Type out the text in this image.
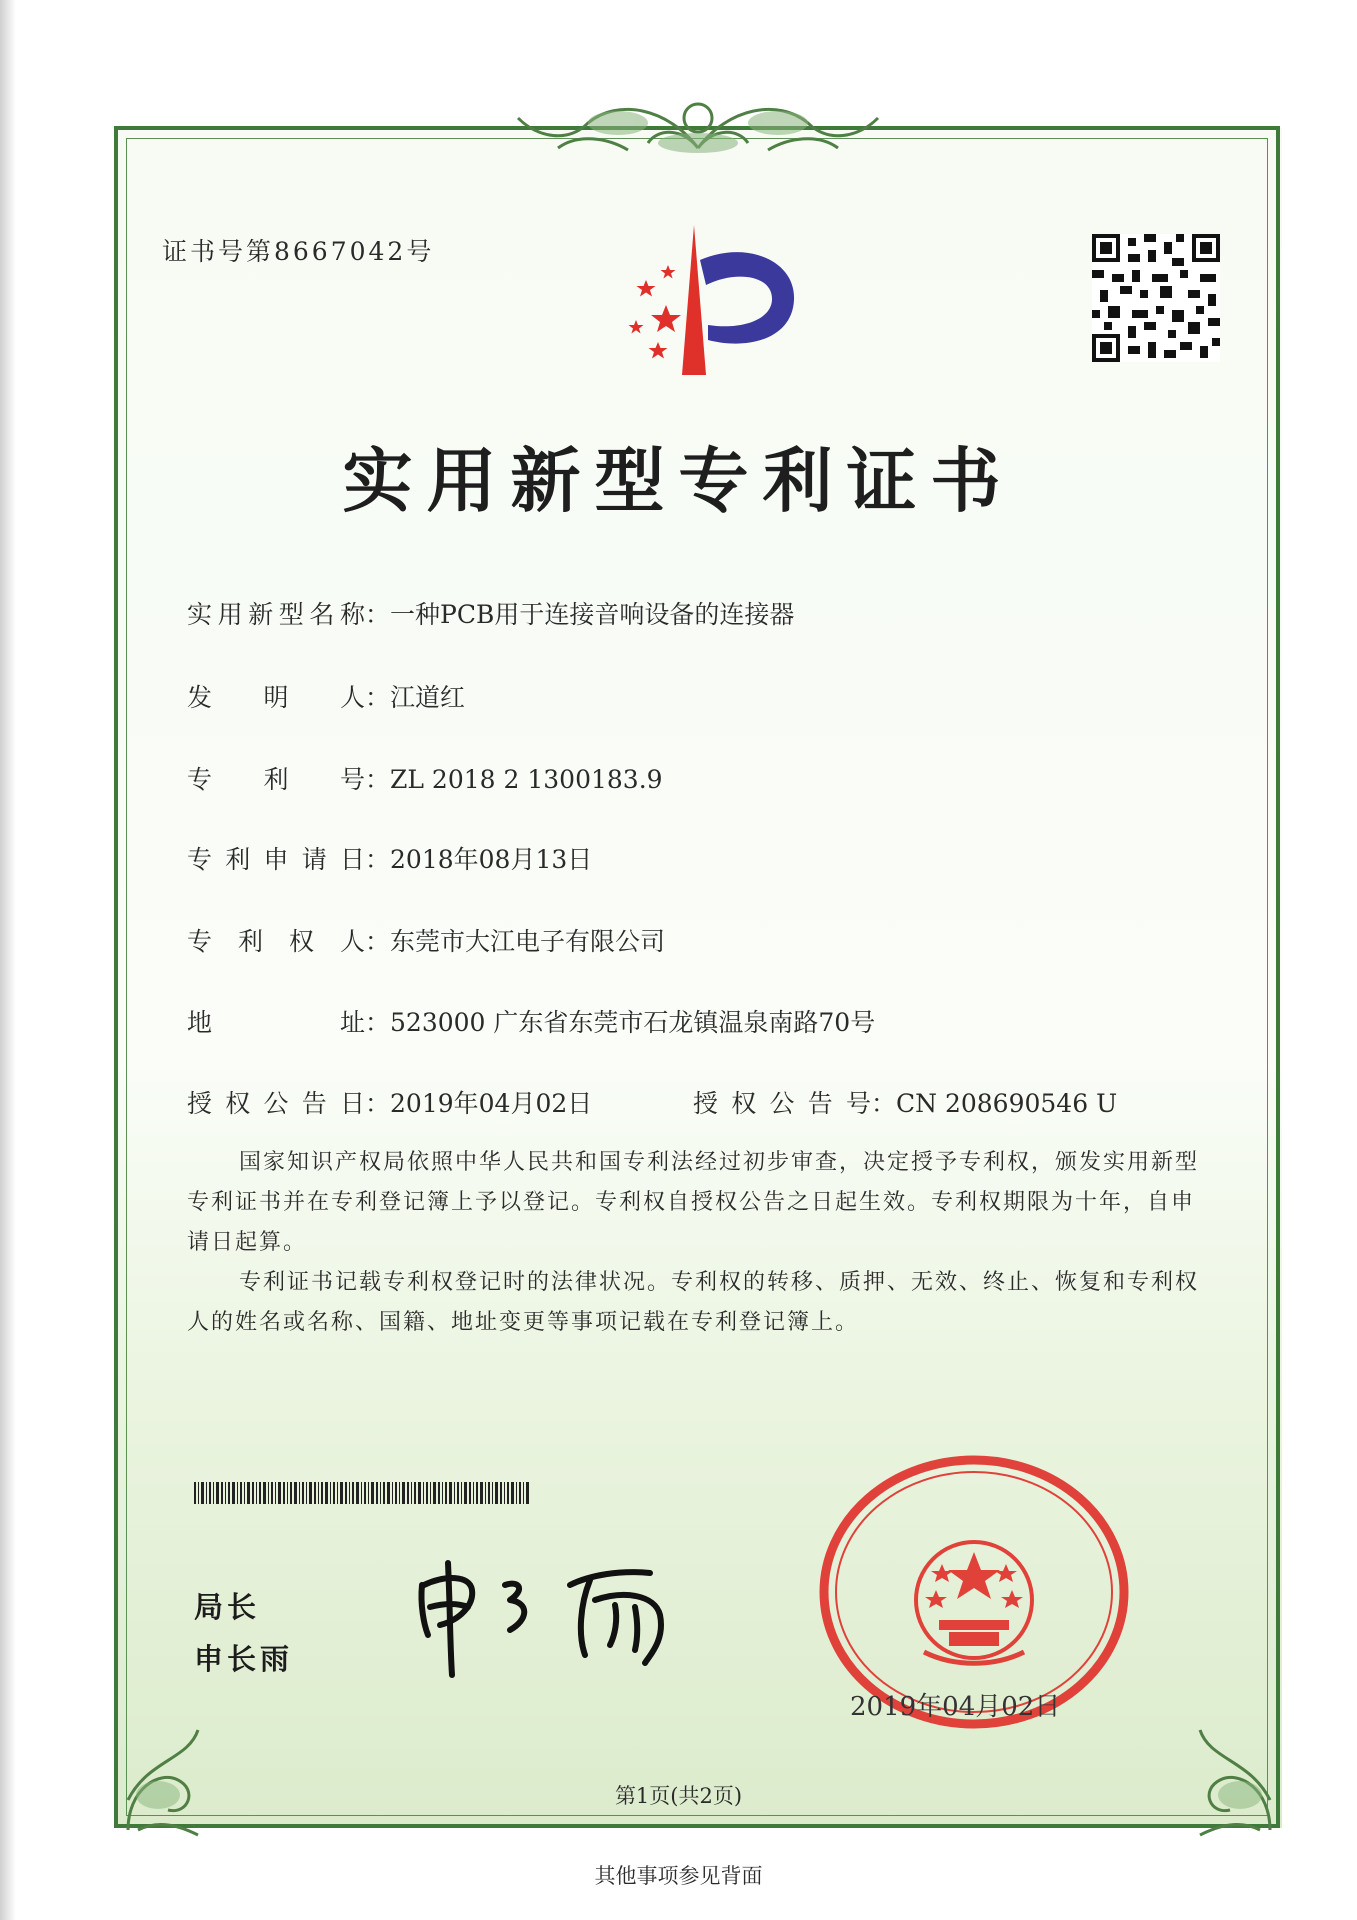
证书号第8667042号
实用新型专利证书
实用新型名称：一种PCB用于连接音响设备的连接器
发明人：江道红
专利号：ZL 2018 2 1300183.9
专利申请日：2018年08月13日
专利权人：东莞市大江电子有限公司
地址：523000 广东省东莞市石龙镇温泉南路70号
授权公告日：2019年04月02日	授权公告号：CN 208690546 U
国家知识产权局依照中华人民共和国专利法经过初步审查，决定授予专利权，颁发实用新型专利证书并在专利登记簿上予以登记。专利权自授权公告之日起生效。专利权期限为十年，自申请日起算。
专利证书记载专利权登记时的法律状况。专利权的转移、质押、无效、终止、恢复和专利权人的姓名或名称、国籍、地址变更等事项记载在专利登记簿上。
局长
申长雨
2019年04月02日
第1页(共2页)
其他事项参见背面
